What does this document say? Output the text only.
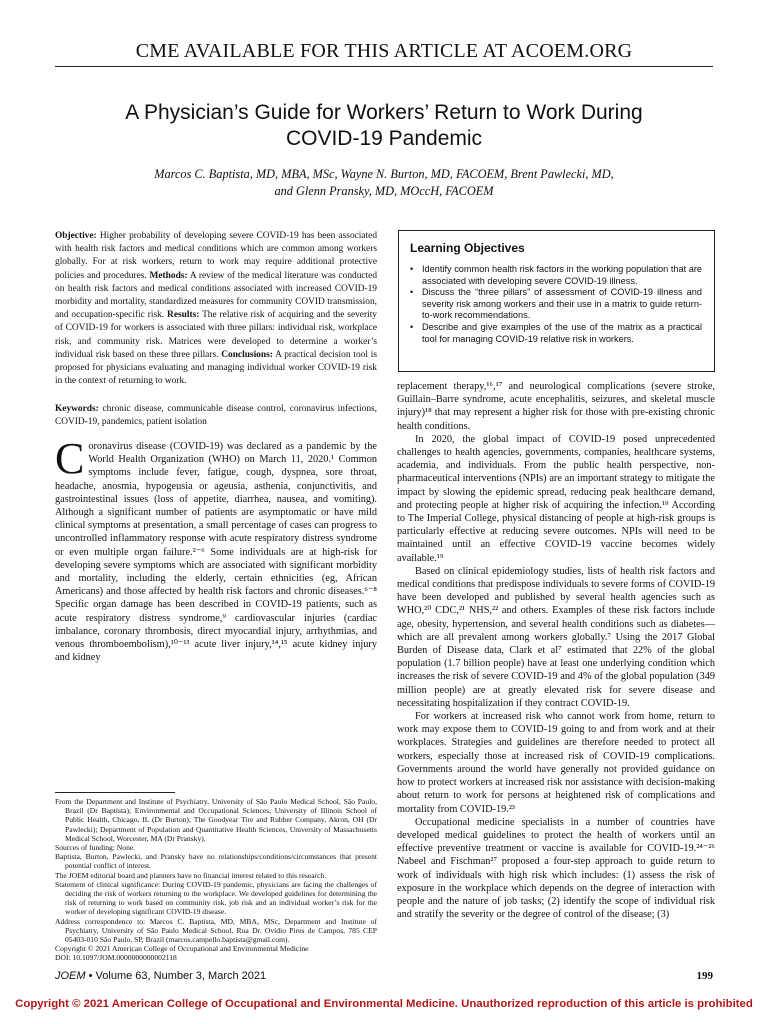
CME AVAILABLE FOR THIS ARTICLE AT ACOEM.ORG
A Physician’s Guide for Workers’ Return to Work During
COVID-19 Pandemic
Marcos C. Baptista, MD, MBA, MSc, Wayne N. Burton, MD, FACOEM, Brent Pawlecki, MD,
and Glenn Pransky, MD, MOccH, FACOEM
Objective: Higher probability of developing severe COVID-19 has been associated with health risk factors and medical conditions which are common among workers globally. For at risk workers, return to work may require additional protective policies and procedures. Methods: A review of the medical literature was conducted on health risk factors and medical conditions associated with increased COVID-19 morbidity and mortality, standardized measures for community COVID transmission, and occupation-specific risk. Results: The relative risk of acquiring and the severity of COVID-19 for workers is associated with three pillars: individual risk, workplace risk, and community risk. Matrices were developed to determine a worker’s individual risk based on these three pillars. Conclusions: A practical decision tool is proposed for physicians evaluating and managing individual worker COVID-19 risk in the context of returning to work.
Keywords: chronic disease, communicable disease control, coronavirus infections, COVID-19, pandemics, patient isolation
Learning Objectives
• Identify common health risk factors in the working population that are associated with developing severe COVID-19 illness.
• Discuss the “three pillars” of assessment of COVID-19 illness and severity risk among workers and their use in a matrix to guide return-to-work recommendations.
• Describe and give examples of the use of the matrix as a practical tool for managing COVID-19 relative risk in workers.

Coronavirus disease (COVID-19) was declared as a pandemic by the World Health Organization (WHO) on March 11, 2020.¹ Common symptoms include fever, fatigue, cough, dyspnea, sore throat, headache, anosmia, hypogeusia or ageusia, asthenia, conjunctivitis, and gastrointestinal issues (loss of appetite, diarrhea, nausea, and vomiting). Although a significant number of patients are asymptomatic or have mild clinical symptoms at presentation, a small percentage of cases can progress to uncontrolled inflammatory response with acute respiratory distress syndrome or even multiple organ failure.²⁻⁶ Some individuals are at high-risk for developing severe symptoms which are associated with significant morbidity and mortality, including the elderly, certain ethnicities (eg, African Americans) and those affected by health risk factors and chronic diseases.⁶⁻⁸ Specific organ damage has been described in COVID-19 patients, such as acute respiratory distress syndrome,⁹ cardiovascular injuries (cardiac imbalance, coronary thrombosis, direct myocardial injury, arrhythmias, and venous thromboembolism),¹⁰⁻¹³ acute liver injury,¹⁴,¹⁵ acute kidney injury and kidney

replacement therapy,¹⁶,¹⁷ and neurological complications (severe stroke, Guillain–Barre syndrome, acute encephalitis, seizures, and skeletal muscle injury)¹⁸ that may represent a higher risk for those with pre-existing chronic health conditions.

In 2020, the global impact of COVID-19 posed unprecedented challenges to health agencies, governments, companies, healthcare systems, academia, and individuals. From the public health perspective, non-pharmaceutical interventions (NPIs) are an important strategy to mitigate the impact by slowing the epidemic spread, reducing peak healthcare demand, and protecting people at higher risk of acquiring the infection.¹⁹ According to The Imperial College, physical distancing of people at high-risk groups is particularly effective at reducing severe outcomes. NPIs will need to be maintained until an effective COVID-19 vaccine becomes widely available.¹⁹

Based on clinical epidemiology studies, lists of health risk factors and medical conditions that predispose individuals to severe forms of COVID-19 have been developed and published by several health agencies such as WHO,²⁰ CDC,²¹ NHS,²² and others. Examples of these risk factors include age, obesity, hypertension, and several health conditions such as diabetes—which are all prevalent among workers globally.⁷ Using the 2017 Global Burden of Disease data, Clark et al⁷ estimated that 22% of the global population (1.7 billion people) have at least one underlying condition which increases the risk of severe COVID-19 and 4% of the global population (349 million people) are at greatly elevated risk for severe disease and necessitating hospitalization if they contract COVID-19.

For workers at increased risk who cannot work from home, return to work may expose them to COVID-19 going to and from work and at their workplaces. Strategies and guidelines are therefore needed to protect all workers, especially those at increased risk of COVID-19 complications. Governments around the world have generally not provided guidance on how to protect workers at increased risk nor assistance with decision-making about return to work for persons at heightened risk of complications and mortality from COVID-19.²³

Occupational medicine specialists in a number of countries have developed medical guidelines to protect the health of workers until an effective preventive treatment or vaccine is available for COVID-19.²⁴⁻²⁶ Nabeel and Fischman²⁷ proposed a four-step approach to guide return to work of individuals with high risk which includes: (1) assess the risk of exposure in the workplace which depends on the degree of interaction with people and the nature of job tasks; (2) identify the scope of individual risk and stratify the severity or the degree of control of the disease; (3)

From the Department and Institute of Psychiatry, University of São Paulo Medical School, São Paulo, Brazil (Dr Baptista); Environmental and Occupational Sciences, University of Illinois School of Public Health, Chicago, IL (Dr Burton); The Goodyear Tire and Rubber Company, Akron, OH (Dr Pawlecki); Department of Population and Quantitative Health Sciences, University of Massachusetts Medical School, Worcester, MA (Dr Pransky).

Sources of funding: None.

Baptista, Burton, Pawlecki, and Pransky have no relationships/conditions/circumstances that present potential conflict of interest.

The JOEM editorial board and planners have no financial interest related to this research.

Statement of clinical significance: During COVID-19 pandemic, physicians are facing the challenges of deciding the risk of workers returning to the workplace. We developed guidelines for determining the risk of returning to work based on community risk, job risk and an individual worker’s risk for the worker of developing significant COVID-19 disease.

Address correspondence to: Marcos C. Baptista, MD, MBA, MSc, Department and Institute of Psychiatry, University of São Paulo Medical School, Rua Dr. Ovídio Pires de Campos, 785 CEP 05403-010 São Paulo, SP, Brazil (marcos.campello.baptista@gmail.com).

Copyright © 2021 American College of Occupational and Environmental Medicine

DOI: 10.1097/JOM.0000000000002118

JOEM • Volume 63, Number 3, March 2021	199
Copyright © 2021 American College of Occupational and Environmental Medicine. Unauthorized reproduction of this article is prohibited
